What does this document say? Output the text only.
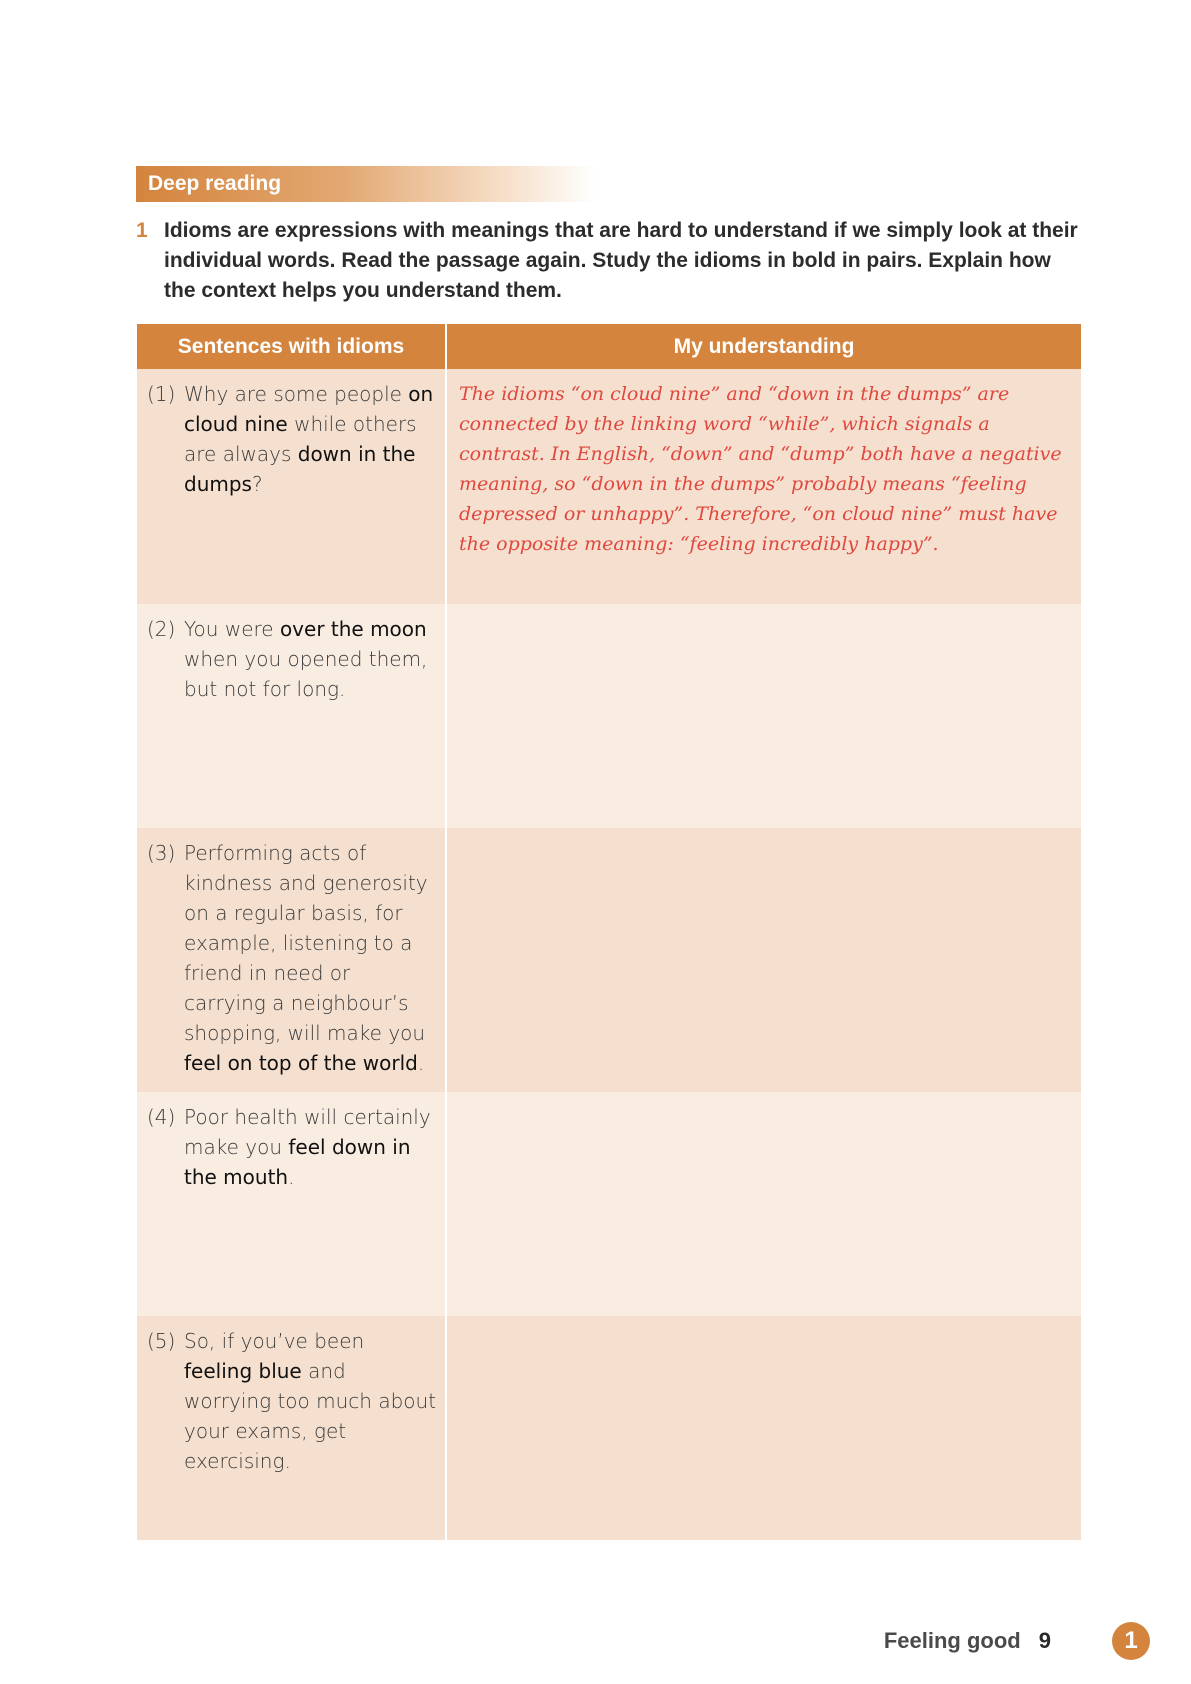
Deep reading
1 Idioms are expressions with meanings that are hard to understand if we simply look at their individual words. Read the passage again. Study the idioms in bold in pairs. Explain how the context helps you understand them.
Sentences with idioms	My understanding

(1) Why are some people on cloud nine while others are always down in the dumps?	The idioms “on cloud nine” and “down in the dumps” are connected by the linking word “while”, which signals a contrast. In English, “down” and “dump” both have a negative meaning, so “down in the dumps” probably means “feeling depressed or unhappy”. Therefore, “on cloud nine” must have the opposite meaning: “feeling incredibly happy”.

(2) You were over the moon when you opened them, but not for long.	

(3) Performing acts of kindness and generosity on a regular basis, for example, listening to a friend in need or carrying a neighbour’s shopping, will make you feel on top of the world.	

(4) Poor health will certainly make you feel down in the mouth.	

(5) So, if you’ve been feeling blue and worrying too much about your exams, get exercising.	

Feeling good 9	1
